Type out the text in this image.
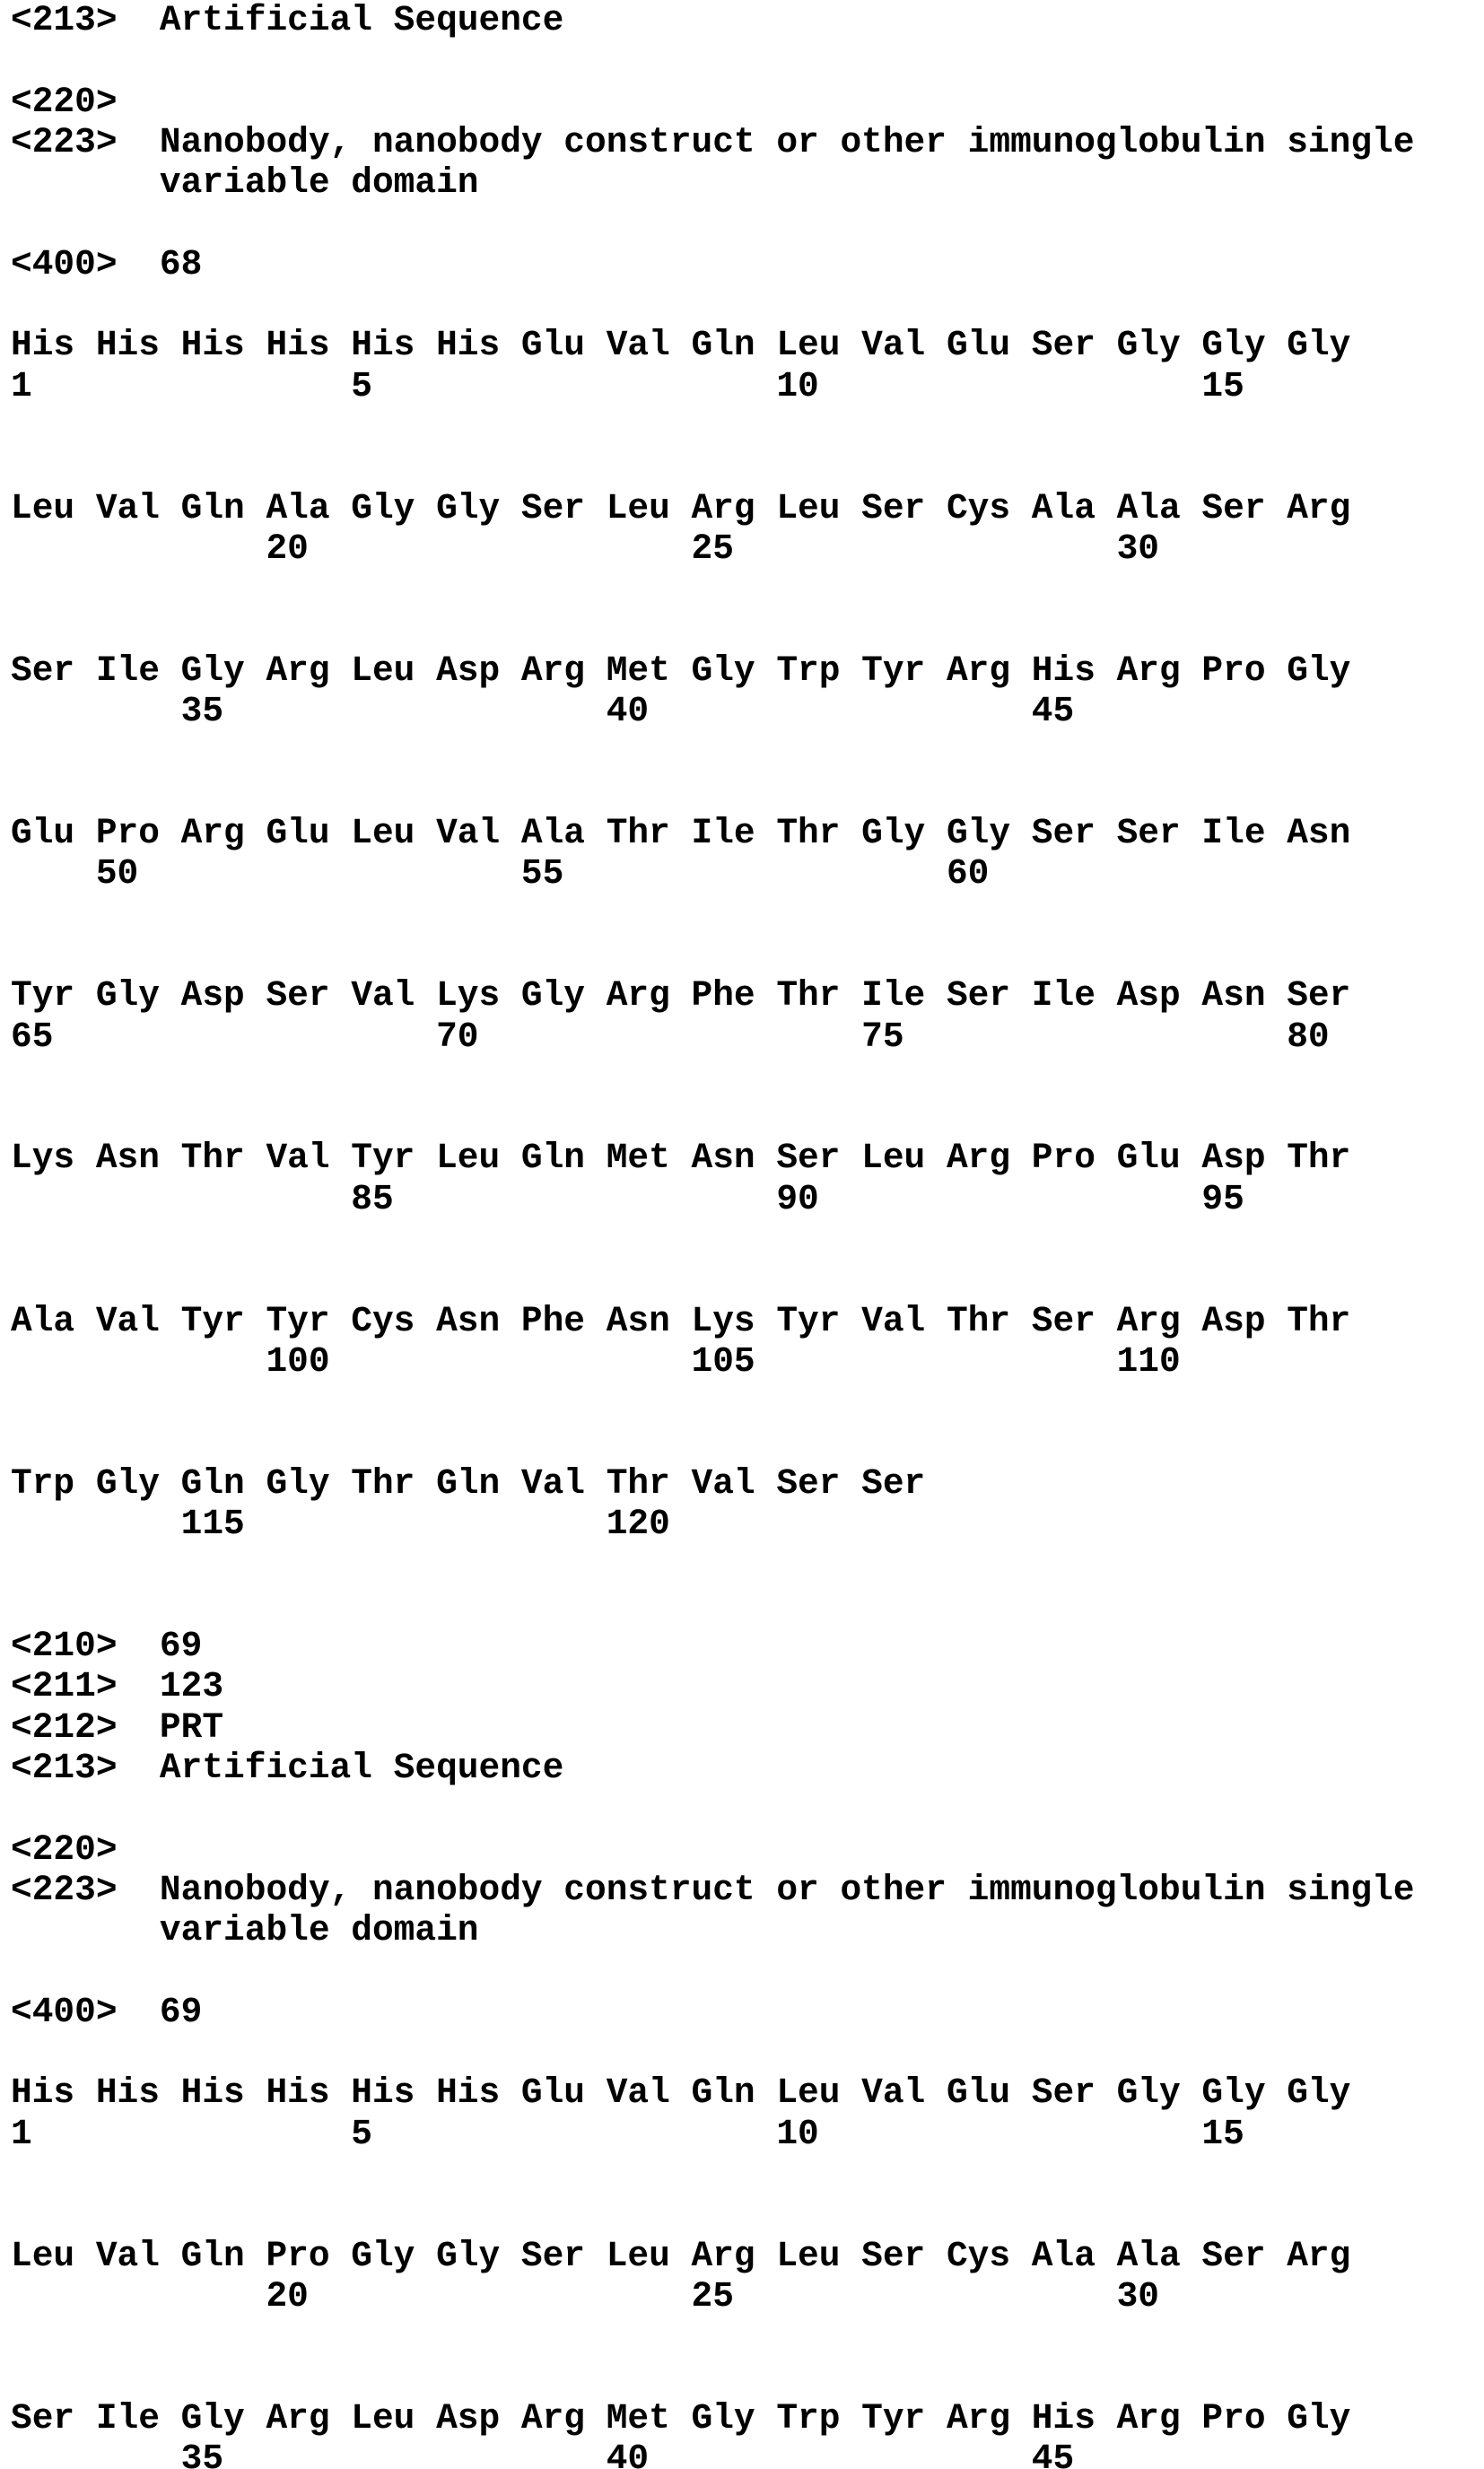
<213>  Artificial Sequence
<220>
<223>  Nanobody, nanobody construct or other immunoglobulin single
variable domain
<400>  68
His His His His His His Glu Val Gln Leu Val Glu Ser Gly Gly Gly
1               5                   10                  15
Leu Val Gln Ala Gly Gly Ser Leu Arg Leu Ser Cys Ala Ala Ser Arg
20                  25                  30
Ser Ile Gly Arg Leu Asp Arg Met Gly Trp Tyr Arg His Arg Pro Gly
35                  40                  45
Glu Pro Arg Glu Leu Val Ala Thr Ile Thr Gly Gly Ser Ser Ile Asn
50                  55                  60
Tyr Gly Asp Ser Val Lys Gly Arg Phe Thr Ile Ser Ile Asp Asn Ser
65                  70                  75                  80
Lys Asn Thr Val Tyr Leu Gln Met Asn Ser Leu Arg Pro Glu Asp Thr
85                  90                  95
Ala Val Tyr Tyr Cys Asn Phe Asn Lys Tyr Val Thr Ser Arg Asp Thr
100                 105                 110
Trp Gly Gln Gly Thr Gln Val Thr Val Ser Ser
115                 120
<210>  69
<211>  123
<212>  PRT
<213>  Artificial Sequence
<220>
<223>  Nanobody, nanobody construct or other immunoglobulin single
variable domain
<400>  69
His His His His His His Glu Val Gln Leu Val Glu Ser Gly Gly Gly
1               5                   10                  15
Leu Val Gln Pro Gly Gly Ser Leu Arg Leu Ser Cys Ala Ala Ser Arg
20                  25                  30
Ser Ile Gly Arg Leu Asp Arg Met Gly Trp Tyr Arg His Arg Pro Gly
35                  40                  45
